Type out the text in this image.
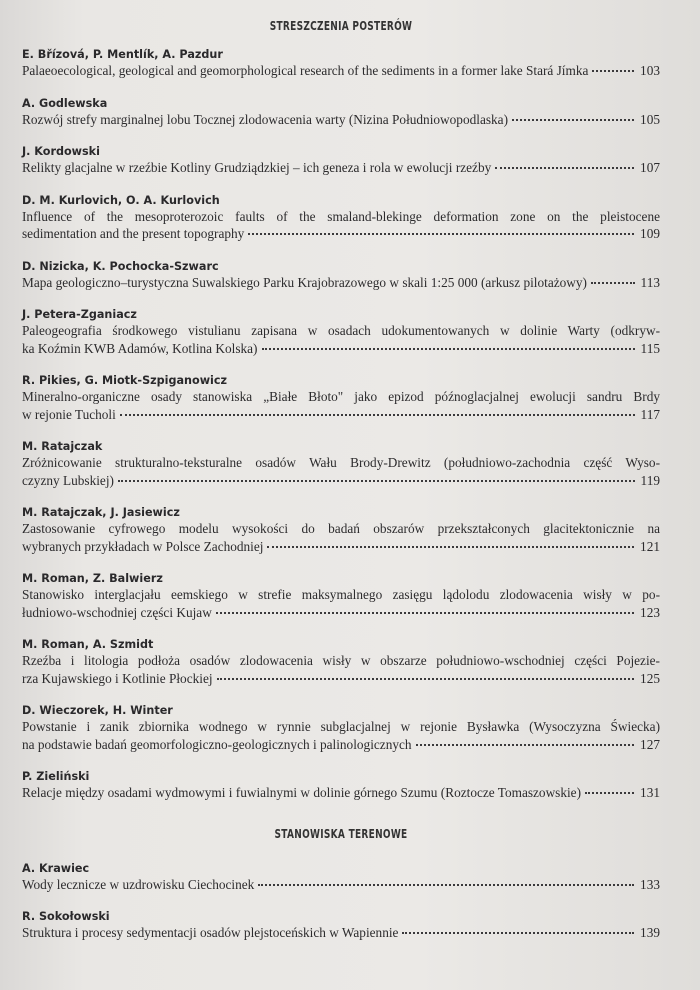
STRESZCZENIA POSTERÓW
E. Břízová, P. Mentlík, A. Pazdur
Palaeoecological, geological and geomorphological research of the sediments in a former lake Stará Jímka	103
A. Godlewska
Rozwój strefy marginalnej lobu Tocznej zlodowacenia warty (Nizina Południowopodlaska)	105
J. Kordowski
Relikty glacjalne w rzeźbie Kotliny Grudziądzkiej – ich geneza i rola w ewolucji rzeźby	107
D. M. Kurlovich, O. A. Kurlovich
Influence of the mesoproterozoic faults of the smaland-blekinge deformation zone on the pleistocene
sedimentation and the present topography	109
D. Nizicka, K. Pochocka-Szwarc
Mapa geologiczno–turystyczna Suwalskiego Parku Krajobrazowego w skali 1:25 000 (arkusz pilotażowy)	113
J. Petera-Zganiacz
Paleogeografia środkowego vistulianu zapisana w osadach udokumentowanych w dolinie Warty (odkryw-
ka Koźmin KWB Adamów, Kotlina Kolska)	115
R. Pikies, G. Miotk-Szpiganowicz
Mineralno-organiczne osady stanowiska „Białe Błoto" jako epizod późnoglacjalnej ewolucji sandru Brdy
w rejonie Tucholi	117
M. Ratajczak
Zróżnicowanie strukturalno-teksturalne osadów Wału Brody-Drewitz (południowo-zachodnia część Wyso-
czyzny Lubskiej)	119
M. Ratajczak, J. Jasiewicz
Zastosowanie cyfrowego modelu wysokości do badań obszarów przekształconych glacitektonicznie na
wybranych przykładach w Polsce Zachodniej	121
M. Roman, Z. Balwierz
Stanowisko interglacjału eemskiego w strefie maksymalnego zasięgu lądolodu zlodowacenia wisły w po-
łudniowo-wschodniej części Kujaw	123
M. Roman, A. Szmidt
Rzeźba i litologia podłoża osadów zlodowacenia wisły w obszarze południowo-wschodniej części Pojezie-
rza Kujawskiego i Kotlinie Płockiej	125
D. Wieczorek, H. Winter
Powstanie i zanik zbiornika wodnego w rynnie subglacjalnej w rejonie Bysławka (Wysoczyzna Świecka)
na podstawie badań geomorfologiczno-geologicznych i palinologicznych	127
P. Zieliński
Relacje między osadami wydmowymi i fuwialnymi w dolinie górnego Szumu (Roztocze Tomaszowskie)	131
STANOWISKA TERENOWE
A. Krawiec
Wody lecznicze w uzdrowisku Ciechocinek	133
R. Sokołowski
Struktura i procesy sedymentacji osadów plejstoceńskich w Wapiennie	139
